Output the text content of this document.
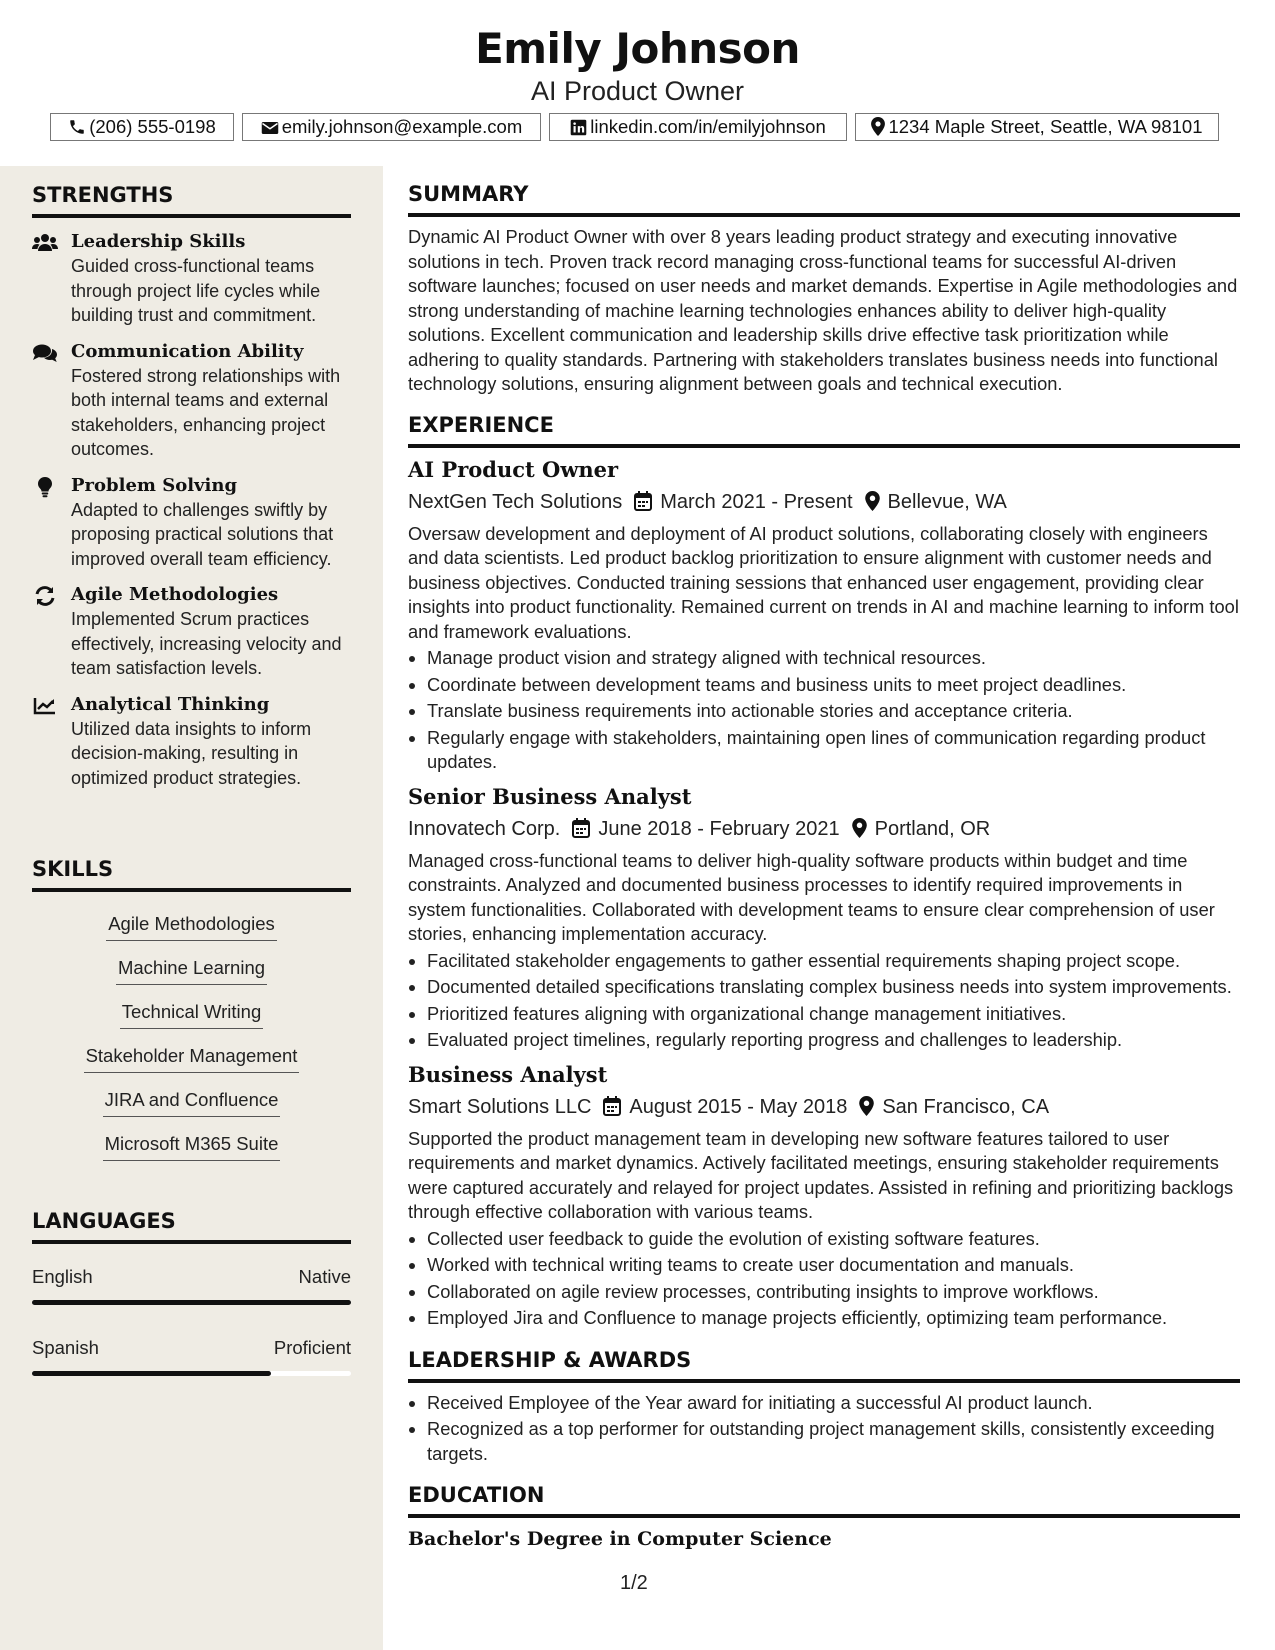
Emily Johnson
AI Product Owner
(206) 555-0198	emily.johnson@example.com	linkedin.com/in/emilyjohnson	1234 Maple Street, Seattle, WA 98101
STRENGTHS
Leadership Skills
Guided cross-functional teams through project life cycles while building trust and commitment.
Communication Ability
Fostered strong relationships with both internal teams and external stakeholders, enhancing project outcomes.
Problem Solving
Adapted to challenges swiftly by proposing practical solutions that improved overall team efficiency.
Agile Methodologies
Implemented Scrum practices effectively, increasing velocity and team satisfaction levels.
Analytical Thinking
Utilized data insights to inform decision-making, resulting in optimized product strategies.
SKILLS
Agile Methodologies
Machine Learning
Technical Writing
Stakeholder Management
JIRA and Confluence
Microsoft M365 Suite
LANGUAGES
English	Native
Spanish	Proficient
SUMMARY
Dynamic AI Product Owner with over 8 years leading product strategy and executing innovative solutions in tech. Proven track record managing cross-functional teams for successful AI-driven software launches; focused on user needs and market demands. Expertise in Agile methodologies and strong understanding of machine learning technologies enhances ability to deliver high-quality solutions. Excellent communication and leadership skills drive effective task prioritization while adhering to quality standards. Partnering with stakeholders translates business needs into functional technology solutions, ensuring alignment between goals and technical execution.
EXPERIENCE
AI Product Owner
NextGen Tech Solutions March 2021 - Present Bellevue, WA
Oversaw development and deployment of AI product solutions, collaborating closely with engineers and data scientists. Led product backlog prioritization to ensure alignment with customer needs and business objectives. Conducted training sessions that enhanced user engagement, providing clear insights into product functionality. Remained current on trends in AI and machine learning to inform tool and framework evaluations.
• Manage product vision and strategy aligned with technical resources.
• Coordinate between development teams and business units to meet project deadlines.
• Translate business requirements into actionable stories and acceptance criteria.
• Regularly engage with stakeholders, maintaining open lines of communication regarding product updates.
Senior Business Analyst
Innovatech Corp. June 2018 - February 2021 Portland, OR
Managed cross-functional teams to deliver high-quality software products within budget and time constraints. Analyzed and documented business processes to identify required improvements in system functionalities. Collaborated with development teams to ensure clear comprehension of user stories, enhancing implementation accuracy.
• Facilitated stakeholder engagements to gather essential requirements shaping project scope.
• Documented detailed specifications translating complex business needs into system improvements.
• Prioritized features aligning with organizational change management initiatives.
• Evaluated project timelines, regularly reporting progress and challenges to leadership.
Business Analyst
Smart Solutions LLC August 2015 - May 2018 San Francisco, CA
Supported the product management team in developing new software features tailored to user requirements and market dynamics. Actively facilitated meetings, ensuring stakeholder requirements were captured accurately and relayed for project updates. Assisted in refining and prioritizing backlogs through effective collaboration with various teams.
• Collected user feedback to guide the evolution of existing software features.
• Worked with technical writing teams to create user documentation and manuals.
• Collaborated on agile review processes, contributing insights to improve workflows.
• Employed Jira and Confluence to manage projects efficiently, optimizing team performance.
LEADERSHIP & AWARDS
• Received Employee of the Year award for initiating a successful AI product launch.
• Recognized as a top performer for outstanding project management skills, consistently exceeding targets.
EDUCATION
Bachelor's Degree in Computer Science
1/2
